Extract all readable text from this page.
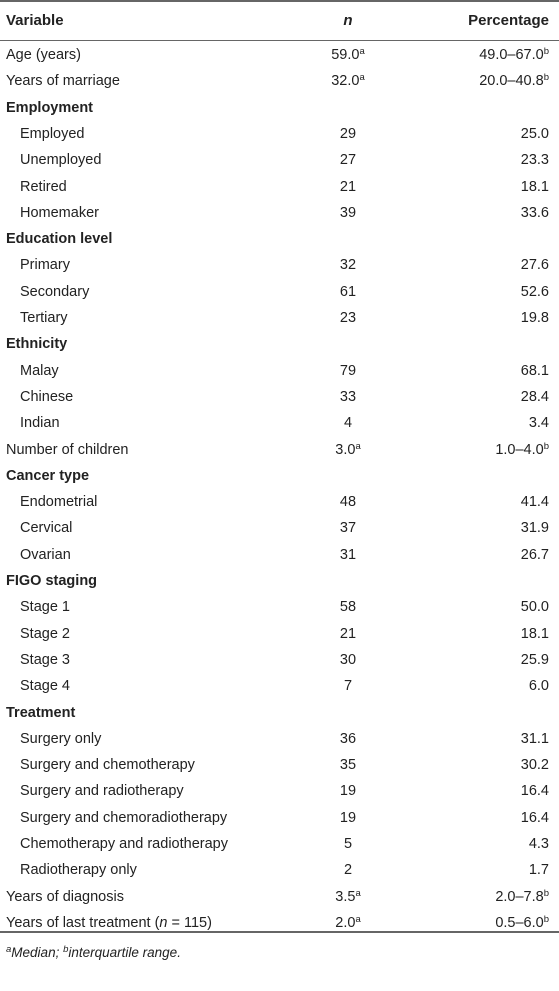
Variable	n	Percentage
Age (years)	59.0$^a$	49.0–67.0$^b$
Years of marriage	32.0$^a$	20.0–40.8$^b$
Employment
Employed	29	25.0
Unemployed	27	23.3
Retired	21	18.1
Homemaker	39	33.6
Education level
Primary	32	27.6
Secondary	61	52.6
Tertiary	23	19.8
Ethnicity
Malay	79	68.1
Chinese	33	28.4
Indian	4	3.4
Number of children	3.0$^a$	1.0–4.0$^b$
Cancer type
Endometrial	48	41.4
Cervical	37	31.9
Ovarian	31	26.7
FIGO staging
Stage 1	58	50.0
Stage 2	21	18.1
Stage 3	30	25.9
Stage 4	7	6.0
Treatment
Surgery only	36	31.1
Surgery and chemotherapy	35	30.2
Surgery and radiotherapy	19	16.4
Surgery and chemoradiotherapy	19	16.4
Chemotherapy and radiotherapy	5	4.3
Radiotherapy only	2	1.7
Years of diagnosis	3.5$^a$	2.0–7.8$^b$
Years of last treatment (n = 115)	2.0$^a$	0.5–6.0$^b$
$^a$Median; $^b$interquartile range.
